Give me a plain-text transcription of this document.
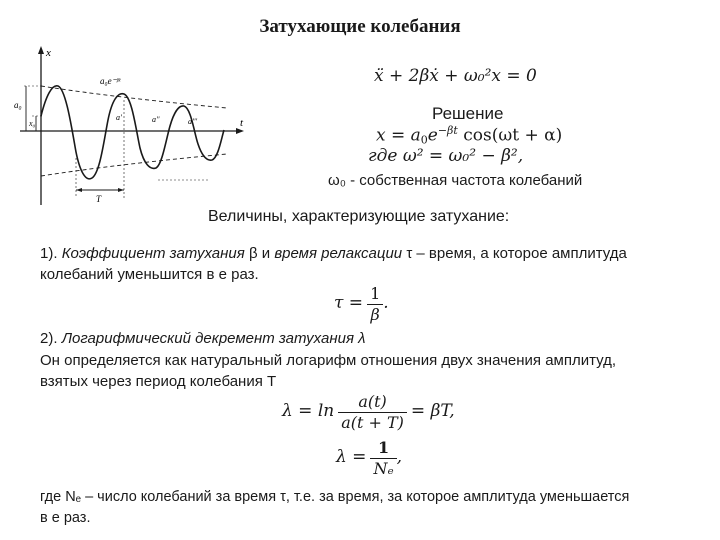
Затухающие колебания
x
t
a₀e⁻ᵝᵗ
a₀
x₀
a'	a''	a'''
T
ẍ + 2βẋ + ω₀²x = 0
Решение
$x = a_0e^{-\beta t}$ cos(ωt + α)
где ω² = ω₀² − β²,
ω₀ - собственная частота колебаний
Величины, характеризующие затухание:
1). Коэффициент затухания β и время релаксации τ – время, а которое амплитуда
колебаний уменьшится в e раз.
$\tau = \frac{1}{\beta}$ .
2). Логарифмический декремент затухания λ
Он определяется как натуральный логарифм отношения двух значения амплитуд,
взятых через период колебания T
$\lambda = \ln \frac{a(t)}{a(t + T)} = \beta T$,
$\lambda = \frac{1}{\text{Nₑ}}$ ,
где Nₑ – число колебаний за время τ, т.е. за время, за которое амплитуда уменьшается
в e раз.
